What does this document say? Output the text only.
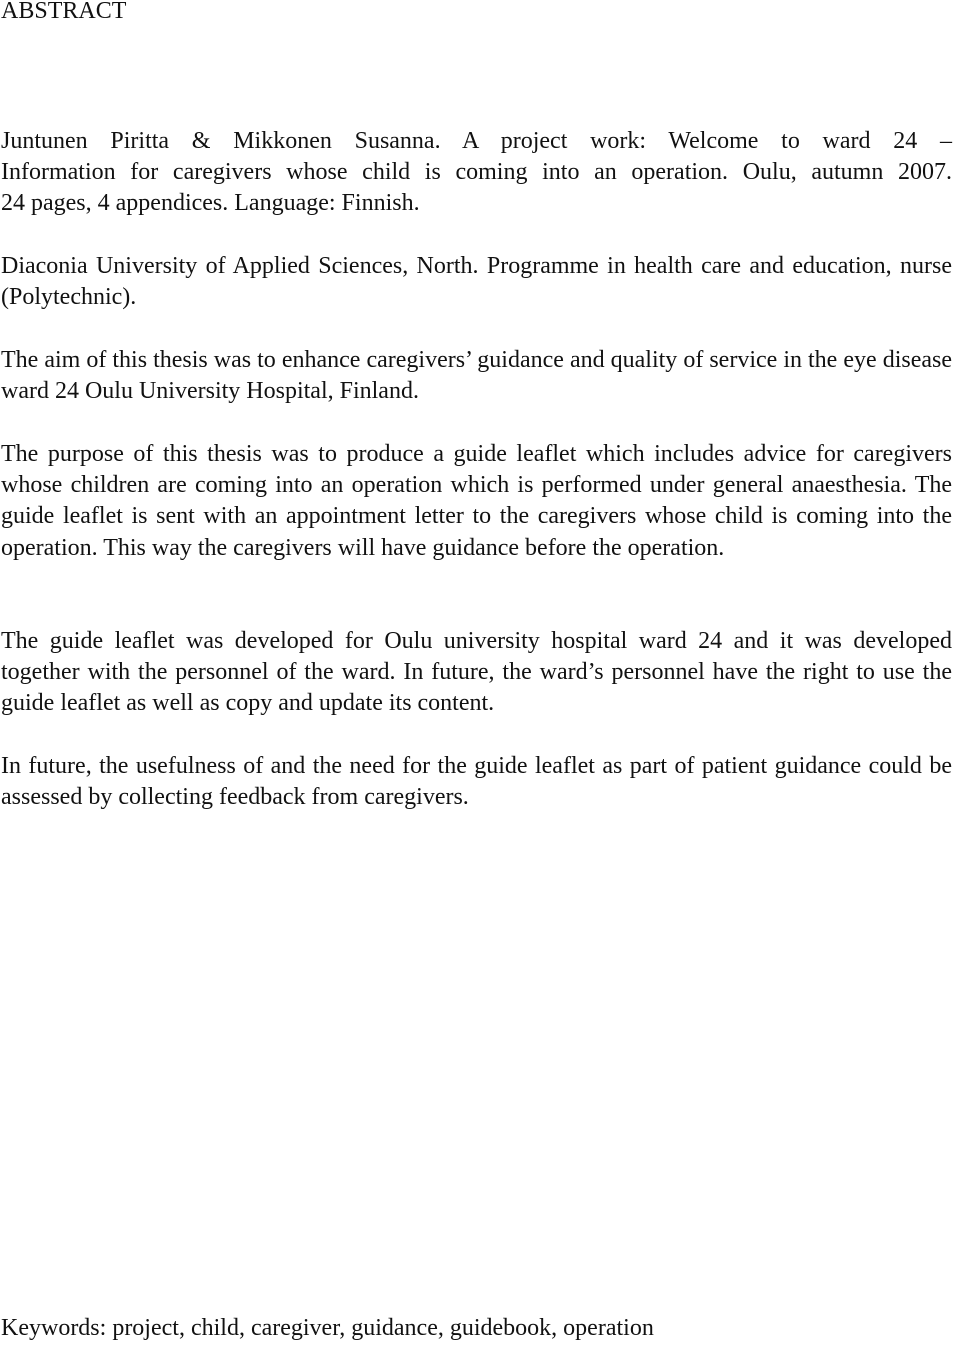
ABSTRACT

Juntunen Piritta & Mikkonen Susanna. A project work: Welcome to ward 24 –
Information for caregivers whose child is coming into an operation. Oulu, autumn 2007.
24 pages, 4 appendices. Language: Finnish.

Diaconia University of Applied Sciences, North. Programme in health care and education, nurse (Polytechnic).

The aim of this thesis was to enhance caregivers’ guidance and quality of service in the eye disease ward 24 Oulu University Hospital, Finland.

The purpose of this thesis was to produce a guide leaflet which includes advice for caregivers whose children are coming into an operation which is performed under general anaesthesia. The guide leaflet is sent with an appointment letter to the caregivers whose child is coming into the operation. This way the caregivers will have guidance before the operation.

The guide leaflet was developed for Oulu university hospital ward 24 and it was developed together with the personnel of the ward. In future, the ward’s personnel have the right to use the guide leaflet as well as copy and update its content.

In future, the usefulness of and the need for the guide leaflet as part of patient guidance could be assessed by collecting feedback from caregivers.

Keywords: project, child, caregiver, guidance, guidebook, operation
